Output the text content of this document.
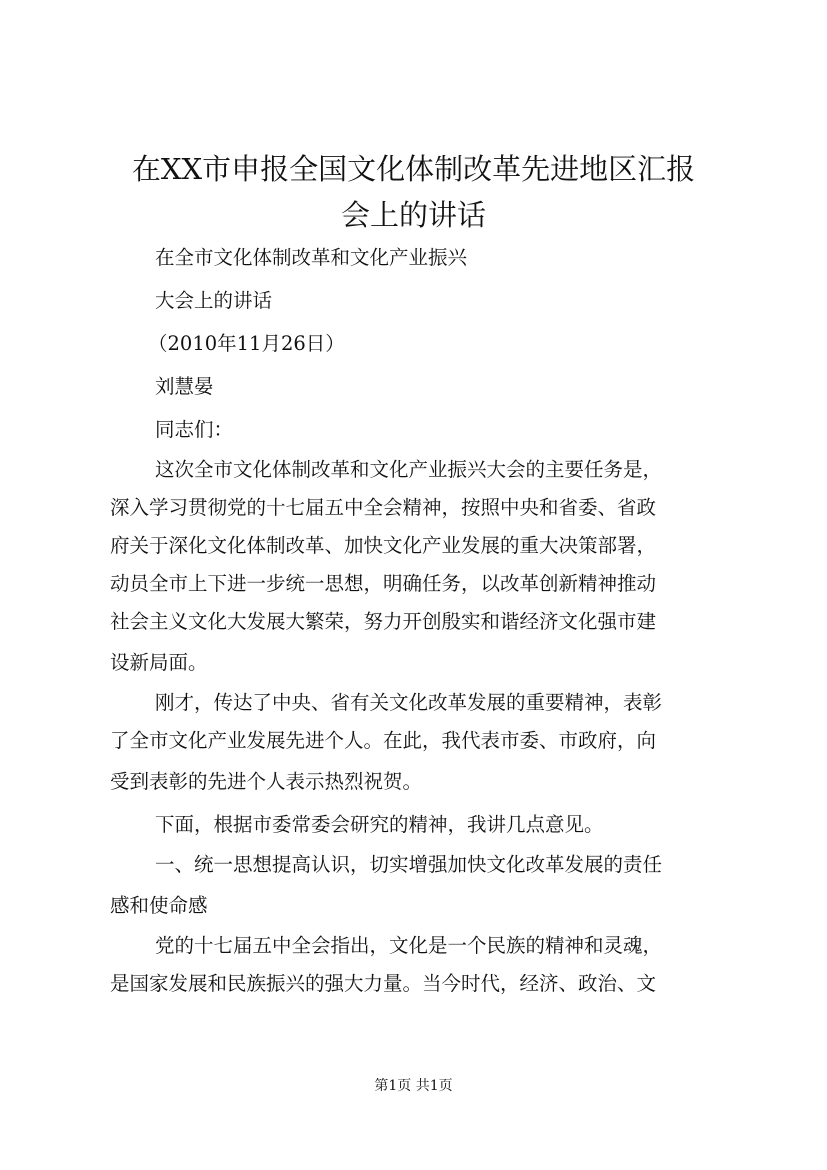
在XX市申报全国文化体制改革先进地区汇报
会上的讲话

在全市文化体制改革和文化产业振兴

大会上的讲话

（2010年11月26日）

刘慧晏

同志们：

这次全市文化体制改革和文化产业振兴大会的主要任务是，

深入学习贯彻党的十七届五中全会精神，按照中央和省委、省政

府关于深化文化体制改革、加快文化产业发展的重大决策部署，

动员全市上下进一步统一思想，明确任务，以改革创新精神推动

社会主义文化大发展大繁荣，努力开创殷实和谐经济文化强市建

设新局面。

刚才，传达了中央、省有关文化改革发展的重要精神，表彰

了全市文化产业发展先进个人。在此，我代表市委、市政府，向

受到表彰的先进个人表示热烈祝贺。

下面，根据市委常委会研究的精神，我讲几点意见。

一、统一思想提高认识，切实增强加快文化改革发展的责任

感和使命感

党的十七届五中全会指出，文化是一个民族的精神和灵魂，

是国家发展和民族振兴的强大力量。当今时代，经济、政治、文

第1页 共1页
